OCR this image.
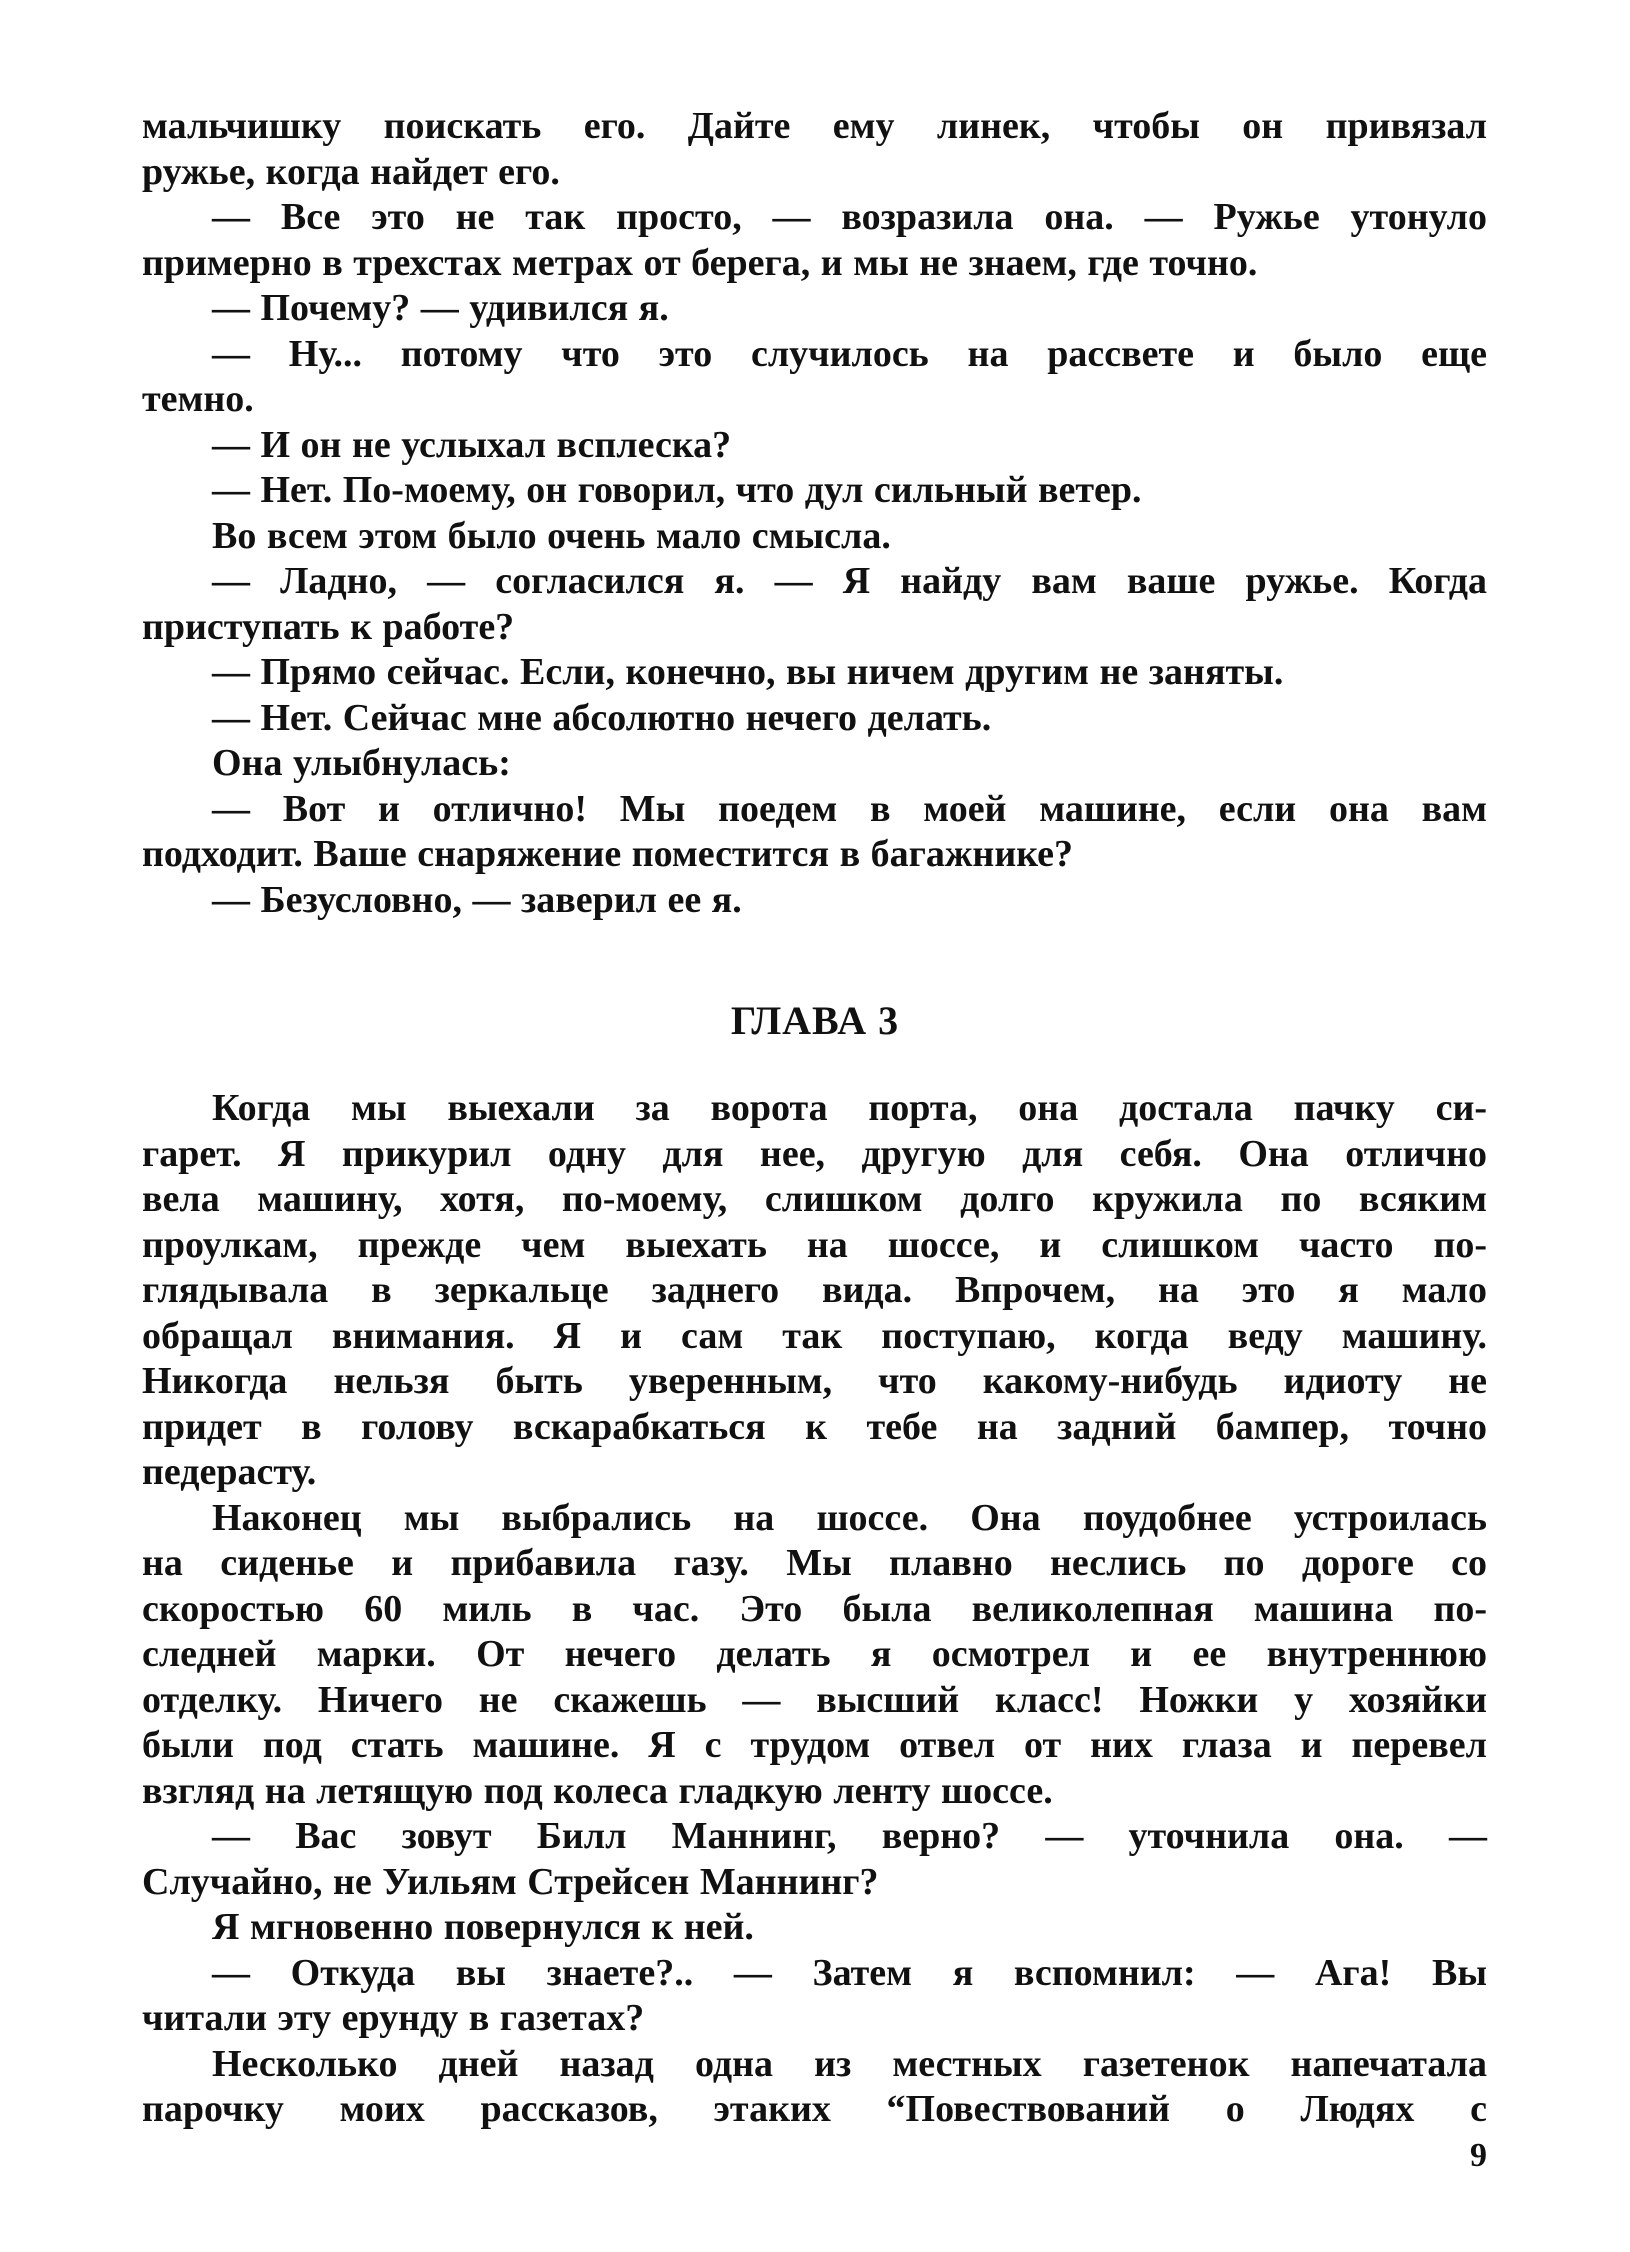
мальчишку поискать его. Дайте ему линек, чтобы он привязал
ружье, когда найдет его.
— Все это не так просто, — возразила она. — Ружье утонуло
примерно в трехстах метрах от берега, и мы не знаем, где точно.
— Почему? — удивился я.
— Ну... потому что это случилось на рассвете и было еще
темно.
— И он не услыхал всплеска?
— Нет. По-моему, он говорил, что дул сильный ветер.
Во всем этом было очень мало смысла.
— Ладно, — согласился я. — Я найду вам ваше ружье. Когда
приступать к работе?
— Прямо сейчас. Если, конечно, вы ничем другим не заняты.
— Нет. Сейчас мне абсолютно нечего делать.
Она улыбнулась:
— Вот и отлично! Мы поедем в моей машине, если она вам
подходит. Ваше снаряжение поместится в багажнике?
— Безусловно, — заверил ее я.
ГЛАВА 3
Когда мы выехали за ворота порта, она достала пачку си-
гарет. Я прикурил одну для нее, другую для себя. Она отлично
вела машину, хотя, по-моему, слишком долго кружила по всяким
проулкам, прежде чем выехать на шоссе, и слишком часто по-
глядывала в зеркальце заднего вида. Впрочем, на это я мало
обращал внимания. Я и сам так поступаю, когда веду машину.
Никогда нельзя быть уверенным, что какому-нибудь идиоту не
придет в голову вскарабкаться к тебе на задний бампер, точно
педерасту.
Наконец мы выбрались на шоссе. Она поудобнее устроилась
на сиденье и прибавила газу. Мы плавно неслись по дороге со
скоростью 60 миль в час. Это была великолепная машина по-
следней марки. От нечего делать я осмотрел и ее внутреннюю
отделку. Ничего не скажешь — высший класс! Ножки у хозяйки
были под стать машине. Я с трудом отвел от них глаза и перевел
взгляд на летящую под колеса гладкую ленту шоссе.
— Вас зовут Билл Маннинг, верно? — уточнила она. —
Случайно, не Уильям Стрейсен Маннинг?
Я мгновенно повернулся к ней.
— Откуда вы знаете?.. — Затем я вспомнил: — Ага! Вы
читали эту ерунду в газетах?
Несколько дней назад одна из местных газетенок напечатала
парочку моих рассказов, этаких “Повествований о Людях с
9
